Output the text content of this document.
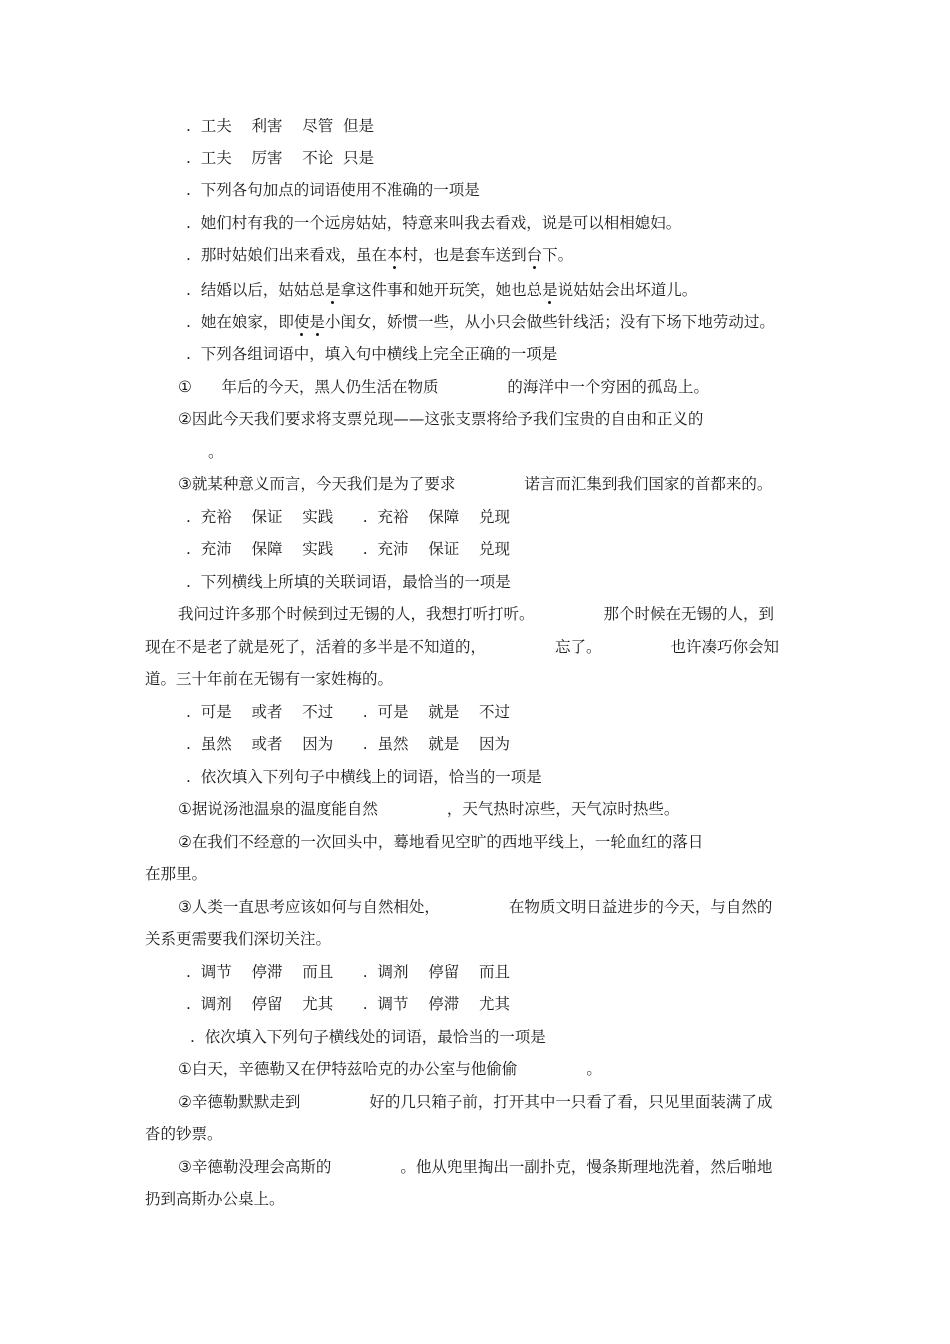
.  工夫    利害    尽管  但是
.  工夫    厉害    不论  只是
.  下列各句加点的词语使用不准确的一项是
.  她们村有我的一个远房姑姑，特意来叫我去看戏，说是可以相相媳妇。
. 那时姑娘们出来看戏，虽在本村，也是套车送到台下。
. 结婚以后，姑姑总是拿这件事和她开玩笑，她也总是说姑姑会出坏道儿。
. 她在娘家，即使是小闺女，娇惯一些，从小只会做些针线活；没有下场下地劳动过。
.  下列各组词语中，填入句中横线上完全正确的一项是
①      年后的今天，黑人仍生活在物质              的海洋中一个穷困的孤岛上。
②因此今天我们要求将支票兑现——这张支票将给予我们宝贵的自由和正义的
。
③就某种意义而言，今天我们是为了要求              诺言而汇集到我们国家的首都来的。
.  充裕    保证    实践      .  充裕    保障    兑现
.  充沛    保障    实践      .  充沛    保证    兑现
.  下列横线上所填的关联词语，最恰当的一项是
我问过许多那个时候到过无锡的人，我想打听打听。              那个时候在无锡的人，到
现在不是老了就是死了，活着的多半是不知道的，              忘了。              也许凑巧你会知
道。三十年前在无锡有一家姓梅的。
.  可是    或者    不过      .  可是    就是    不过
.  虽然    或者    因为      .  虽然    就是    因为
.  依次填入下列句子中横线上的词语，恰当的一项是
①据说汤池温泉的温度能自然              ，天气热时凉些，天气凉时热些。
②在我们不经意的一次回头中，蓦地看见空旷的西地平线上，一轮血红的落日
在那里。
③人类一直思考应该如何与自然相处，              在物质文明日益进步的今天，与自然的
关系更需要我们深切关注。
.  调节    停滞    而且      .  调剂    停留    而且
.  调剂    停留    尤其      .  调节    停滞    尤其
.  依次填入下列句子横线处的词语，最恰当的一项是
①白天，辛德勒又在伊特兹哈克的办公室与他偷偷              。
②辛德勒默默走到              好的几只箱子前，打开其中一只看了看，只见里面装满了成
沓的钞票。
③辛德勒没理会高斯的              。他从兜里掏出一副扑克，慢条斯理地洗着，然后啪地
扔到高斯办公桌上。
